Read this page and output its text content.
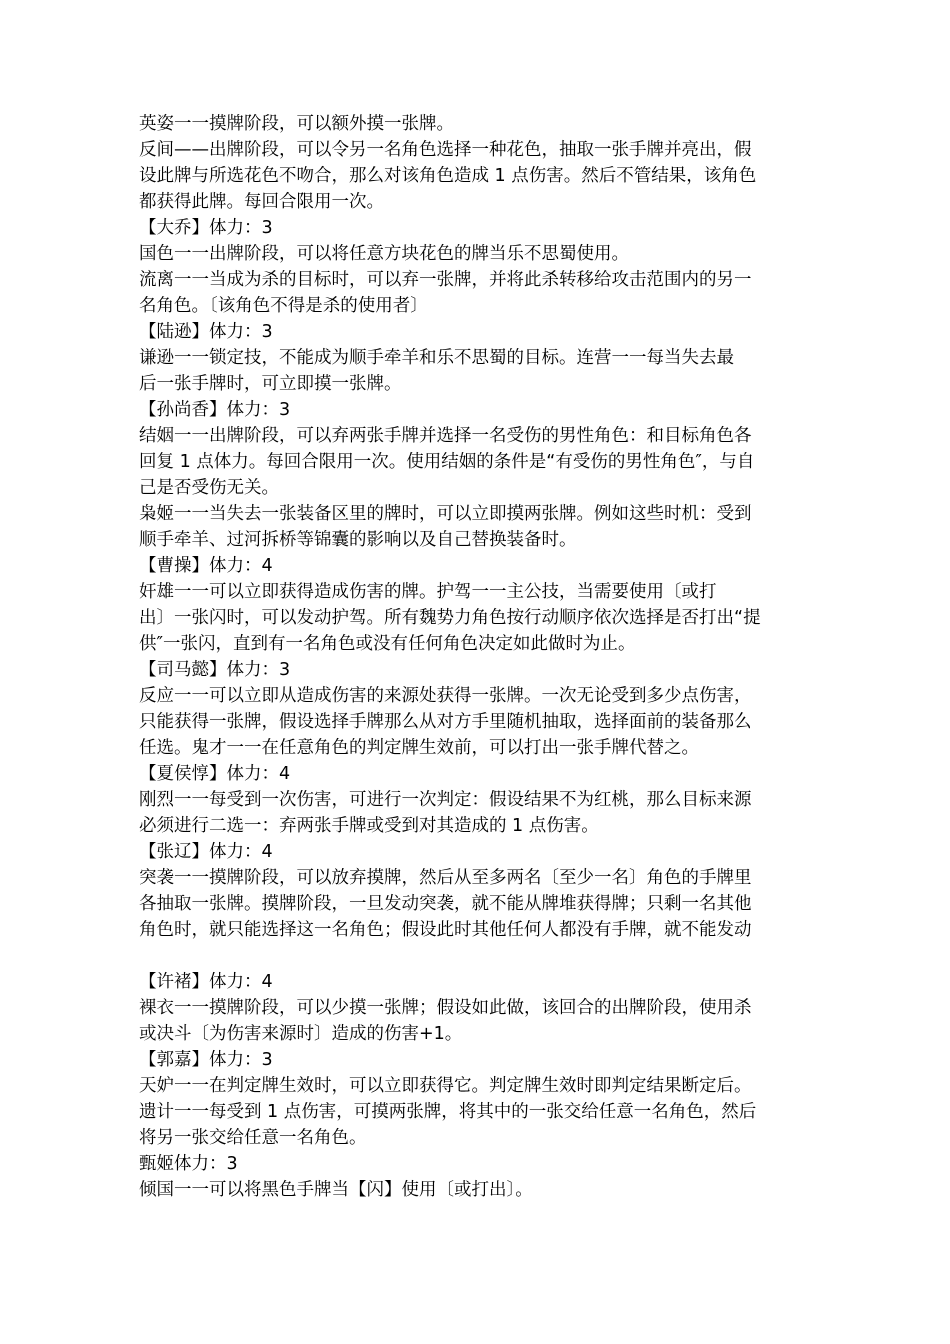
英姿一一摸牌阶段，可以额外摸一张牌。
反间——出牌阶段，可以令另一名角色选择一种花色，抽取一张手牌并亮出，假
设此牌与所选花色不吻合，那么对该角色造成 1 点伤害。然后不管结果，该角色
都获得此牌。每回合限用一次。
【大乔】体力：3
国色一一出牌阶段，可以将任意方块花色的牌当乐不思蜀使用。
流离一一当成为杀的目标时，可以弃一张牌，并将此杀转移给攻击范围内的另一
名角色。〔该角色不得是杀的使用者〕
【陆逊】体力：3
谦逊一一锁定技，不能成为顺手牵羊和乐不思蜀的目标。连营一一每当失去最
后一张手牌时，可立即摸一张牌。
【孙尚香】体力：3
结姻一一出牌阶段，可以弃两张手牌并选择一名受伤的男性角色：和目标角色各
回复 1 点体力。每回合限用一次。使用结姻的条件是“有受伤的男性角色″，与自
己是否受伤无关。
枭姬一一当失去一张装备区里的牌时，可以立即摸两张牌。例如这些时机：受到
顺手牵羊、过河拆桥等锦囊的影响以及自己替换装备时。
【曹操】体力：4
奸雄一一可以立即获得造成伤害的牌。护驾一一主公技，当需要使用〔或打
出〕一张闪时，可以发动护驾。所有魏势力角色按行动顺序依次选择是否打出“提
供″一张闪，直到有一名角色或没有任何角色决定如此做时为止。
【司马懿】体力：3
反应一一可以立即从造成伤害的来源处获得一张牌。一次无论受到多少点伤害，
只能获得一张牌，假设选择手牌那么从对方手里随机抽取，选择面前的装备那么
任选。鬼才一一在任意角色的判定牌生效前，可以打出一张手牌代替之。
【夏侯惇】体力：4
刚烈一一每受到一次伤害，可进行一次判定：假设结果不为红桃，那么目标来源
必须进行二选一：弃两张手牌或受到对其造成的 1 点伤害。
【张辽】体力：4
突袭一一摸牌阶段，可以放弃摸牌，然后从至多两名〔至少一名〕角色的手牌里
各抽取一张牌。摸牌阶段，一旦发动突袭，就不能从牌堆获得牌；只剩一名其他
角色时，就只能选择这一名角色；假设此时其他任何人都没有手牌，就不能发动
【许褚】体力：4
裸衣一一摸牌阶段，可以少摸一张牌；假设如此做，该回合的出牌阶段，使用杀
或决斗〔为伤害来源时〕造成的伤害+1。
【郭嘉】体力：3
天妒一一在判定牌生效时，可以立即获得它。判定牌生效时即判定结果断定后。
遗计一一每受到 1 点伤害，可摸两张牌，将其中的一张交给任意一名角色，然后
将另一张交给任意一名角色。
甄姬体力：3
倾国一一可以将黑色手牌当【闪】使用〔或打出〕。
